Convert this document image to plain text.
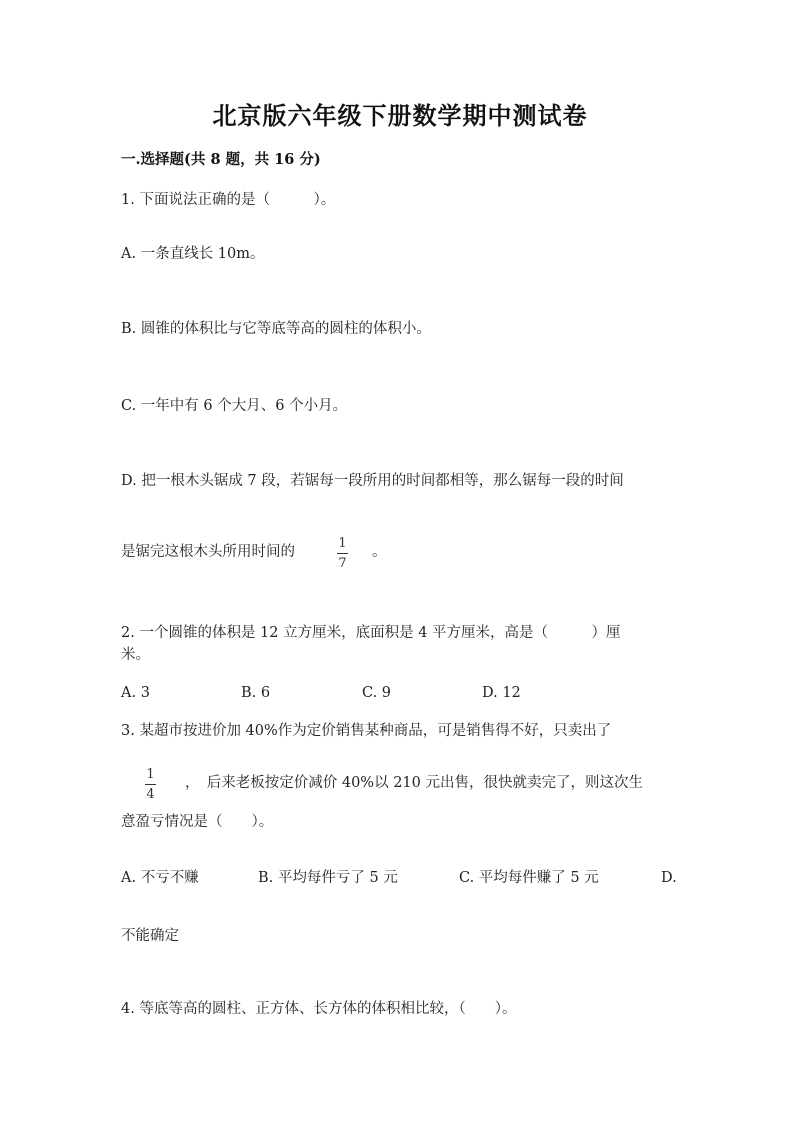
北京版六年级下册数学期中测试卷
一.选择题(共 8 题，共 16 分)
1. 下面说法正确的是（　　　）。
A. 一条直线长 10m。
B. 圆锥的体积比与它等底等高的圆柱的体积小。
C. 一年中有 6 个大月、6 个小月。
D. 把一根木头锯成 7 段，若锯每一段所用的时间都相等，那么锯每一段的时间
是锯完这根木头所用时间的
1
7
。
2. 一个圆锥的体积是 12 立方厘米，底面积是 4 平方厘米，高是（　　　）厘
米。
A. 3	B. 6	C. 9	D. 12
3. 某超市按进价加 40%作为定价销售某种商品，可是销售得不好，只卖出了
1
4
，　后来老板按定价减价 40%以 210 元出售，很快就卖完了，则这次生
意盈亏情况是（　　）。
A. 不亏不赚	B. 平均每件亏了 5 元	C. 平均每件赚了 5 元	D.
不能确定
4. 等底等高的圆柱、正方体、长方体的体积相比较，（　　）。
